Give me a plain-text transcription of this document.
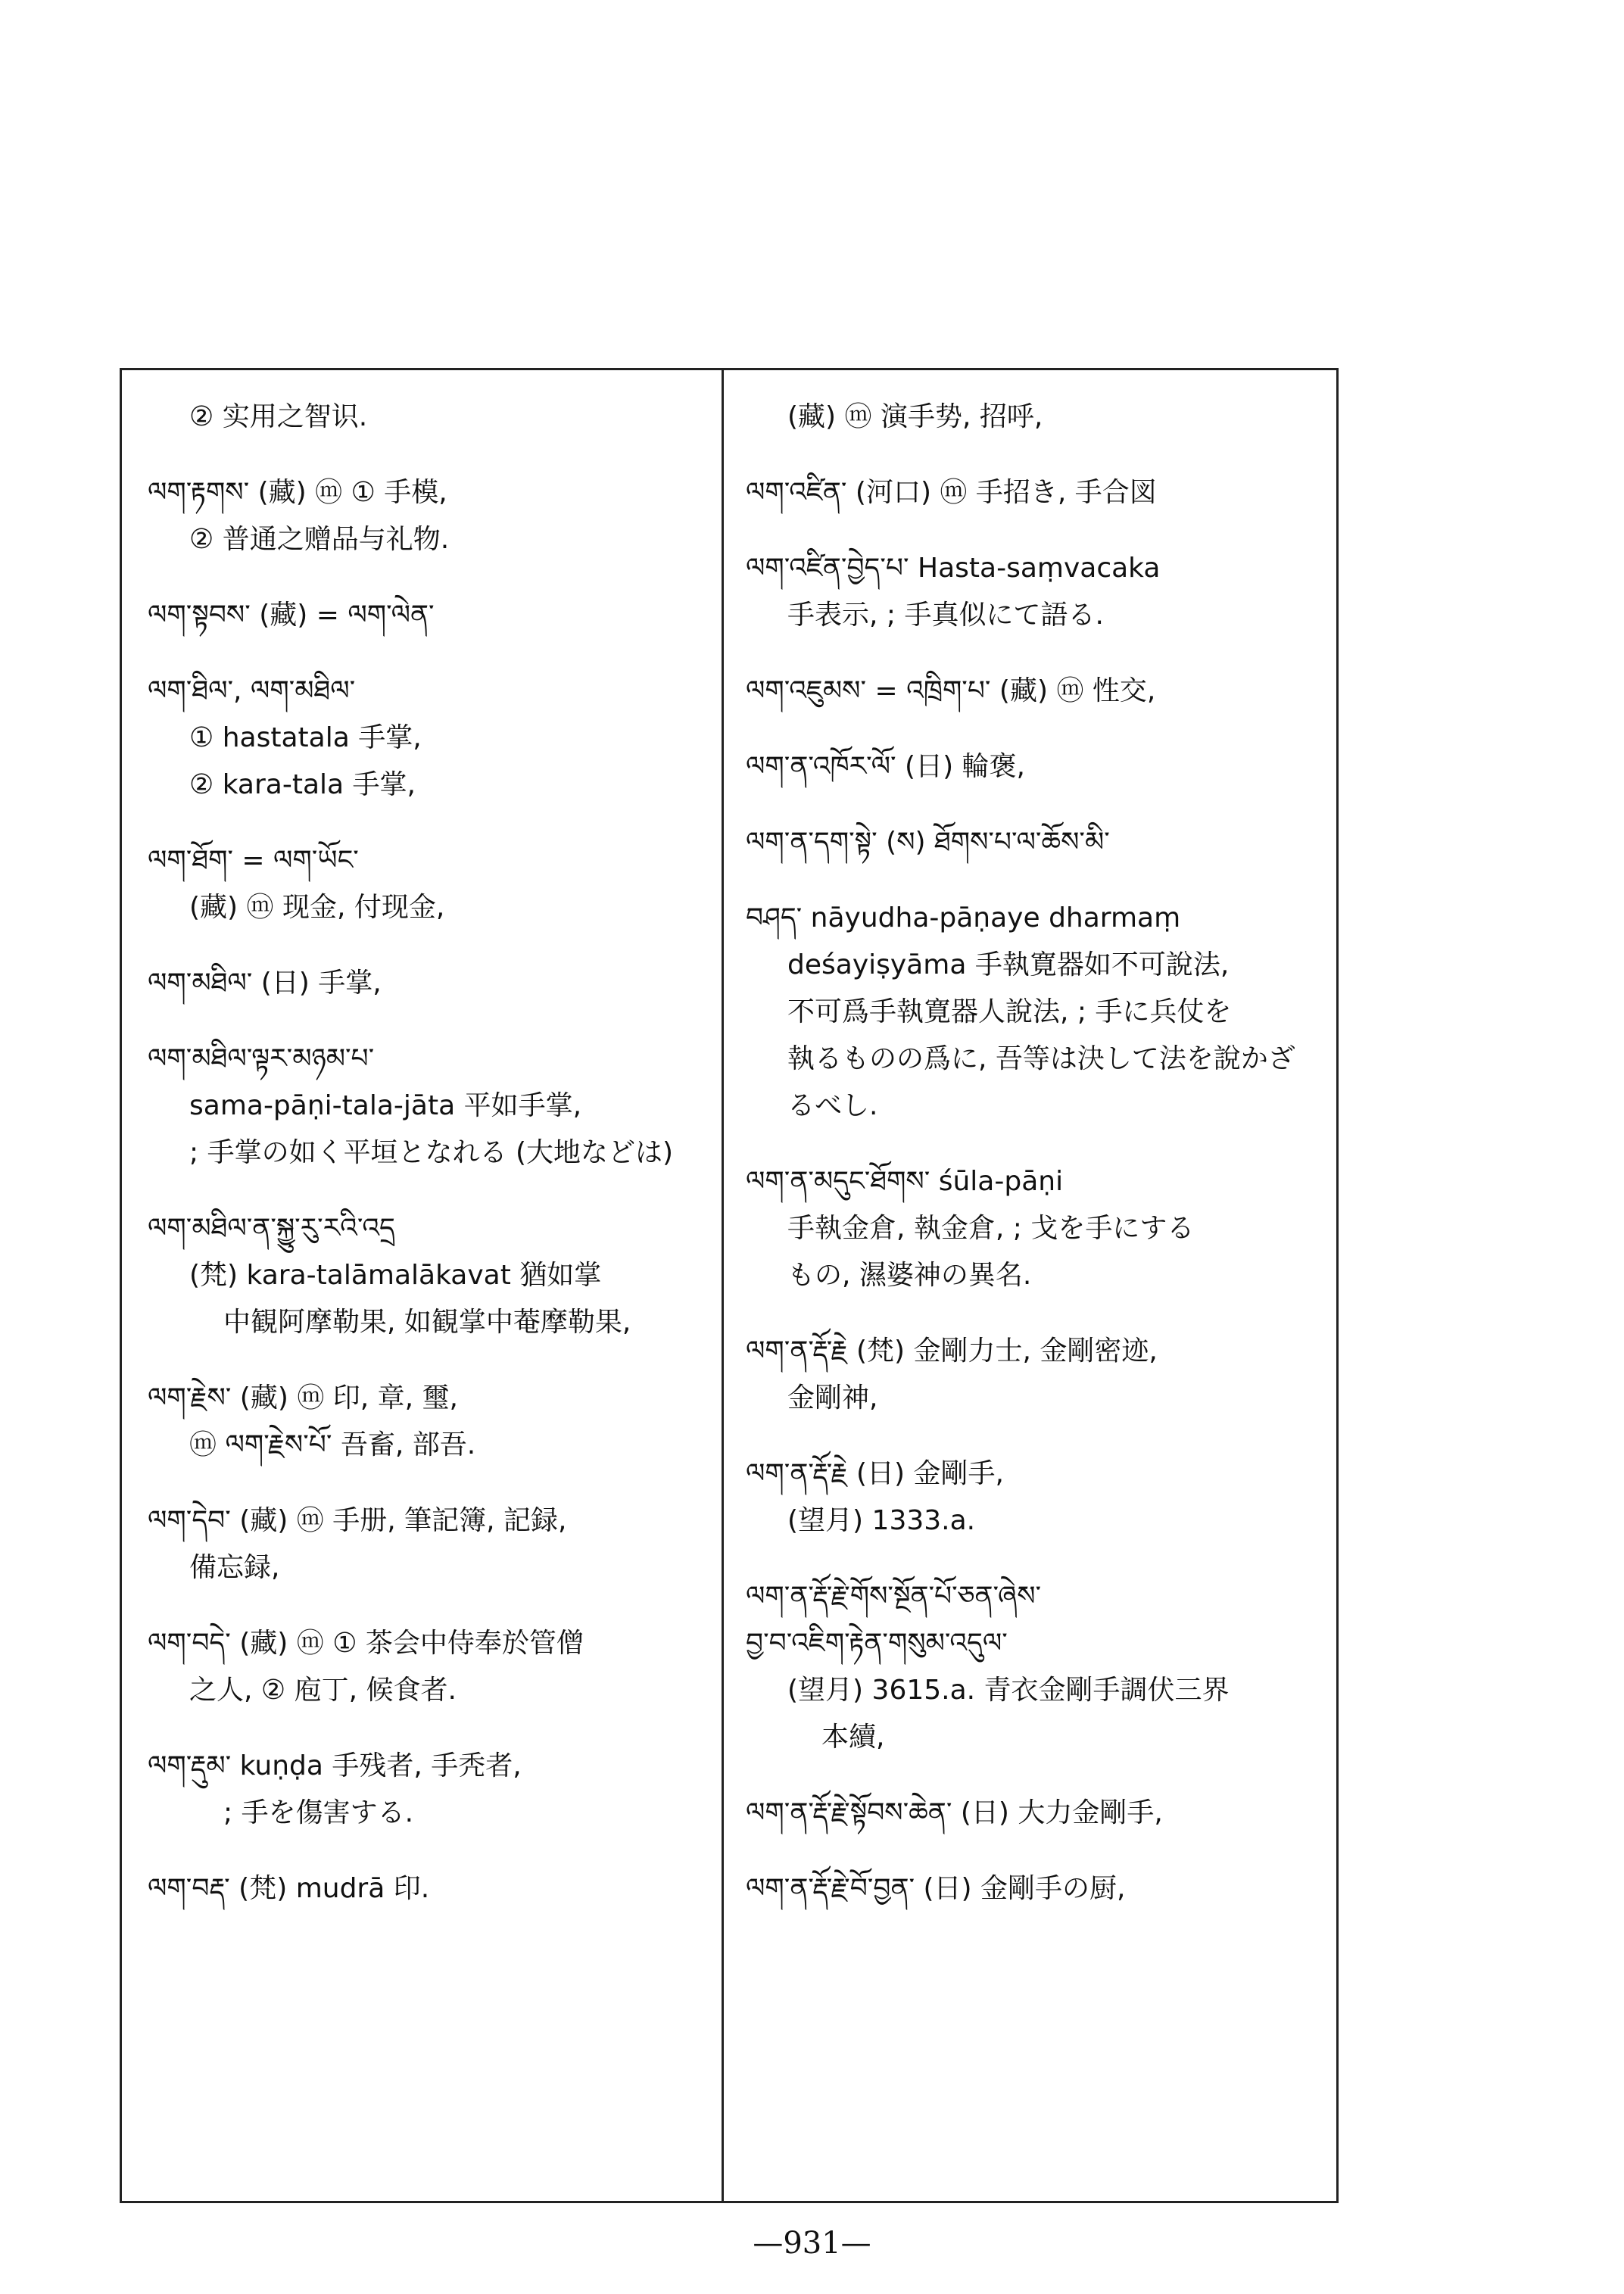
② 实用之智识.
ལག་རྟགས་ (藏) ⓜ ① 手模,
② 普通之赠品与礼物.
ལག་སྟབས་ (藏) = ལག་ལེན་
ལག་ཐིལ་, ལག་མཐིལ་
① hastatala 手掌,
② kara-tala 手掌,
ལག་ཐོག་ = ལག་ཡོང་
(藏) ⓜ 现金, 付现金,
ལག་མཐིལ་ (日) 手掌,
ལག་མཐིལ་ལྟར་མཉམ་པ་
sama-pāṇi-tala-jāta 平如手掌,
; 手掌の如く平垣となれる (大地などは)
ལག་མཐིལ་ན་སྐྱུ་རུ་རའི་འདྲ
(梵) kara-talāmalākavat 猶如掌
中観阿摩勒果, 如観掌中菴摩勒果,
ལག་རྗེས་ (藏) ⓜ 印, 章, 璽,
ⓜ ལག་རྗེས་པོ་ 吾畜, 部吾.
ལག་དེབ་ (藏) ⓜ 手册, 筆記簿, 記録,
備忘録,
ལག་བདེ་ (藏) ⓜ ① 茶会中侍奉於管僧
之人, ② 庖丁, 候食者.
ལག་རྡུམ་ kuṇḍa 手残者, 手秃者,
; 手を傷害する.
ལག་བརྡ་ (梵) mudrā 印.
(藏) ⓜ 演手势, 招呼,
ལག་འཛིན་ (河口) ⓜ 手招き, 手合図
ལག་འཛིན་བྱེད་པ་ Hasta-saṃvacaka
手表示, ; 手真似にて語る.
ལག་འཇུམས་ = འཁྲིག་པ་ (藏) ⓜ 性交,
ལག་ན་འཁོར་ལོ་ (日) 輪褒,
ལག་ན་དག་སྟེ་ (ས) ཐོགས་པ་ལ་ཆོས་མི་
བཤད་ nāyudha-pāṇaye dharmaṃ
deśayiṣyāma 手執寛器如不可說法,
不可爲手執寛器人說法, ; 手に兵仗を
執るものの爲に, 吾等は決して法を說かざ
るべし.
ལག་ན་མདུང་ཐོགས་ śūla-pāṇi
手執金倉, 執金倉, ; 戈を手にする
もの, 濕婆神の異名.
ལག་ན་རྡོ་རྗེ (梵) 金剛力士, 金剛密迹,
金剛神,
ལག་ན་རྡོ་རྗེ (日) 金剛手,
(望月) 1333.a.
ལག་ན་རྡོ་རྗེ་གོས་སྔོན་པོ་ཅན་ཞེས་
བྱ་བ་འཇིག་རྟེན་གསུམ་འདུལ་
(望月) 3615.a. 青衣金剛手調伏三界
本續,
ལག་ན་རྡོ་རྗེ་སྟོབས་ཆེན་ (日) 大力金剛手,
ལག་ན་རྡོ་རྗེ་བོ་བྱན་ (日) 金剛手の厨,
—931—
